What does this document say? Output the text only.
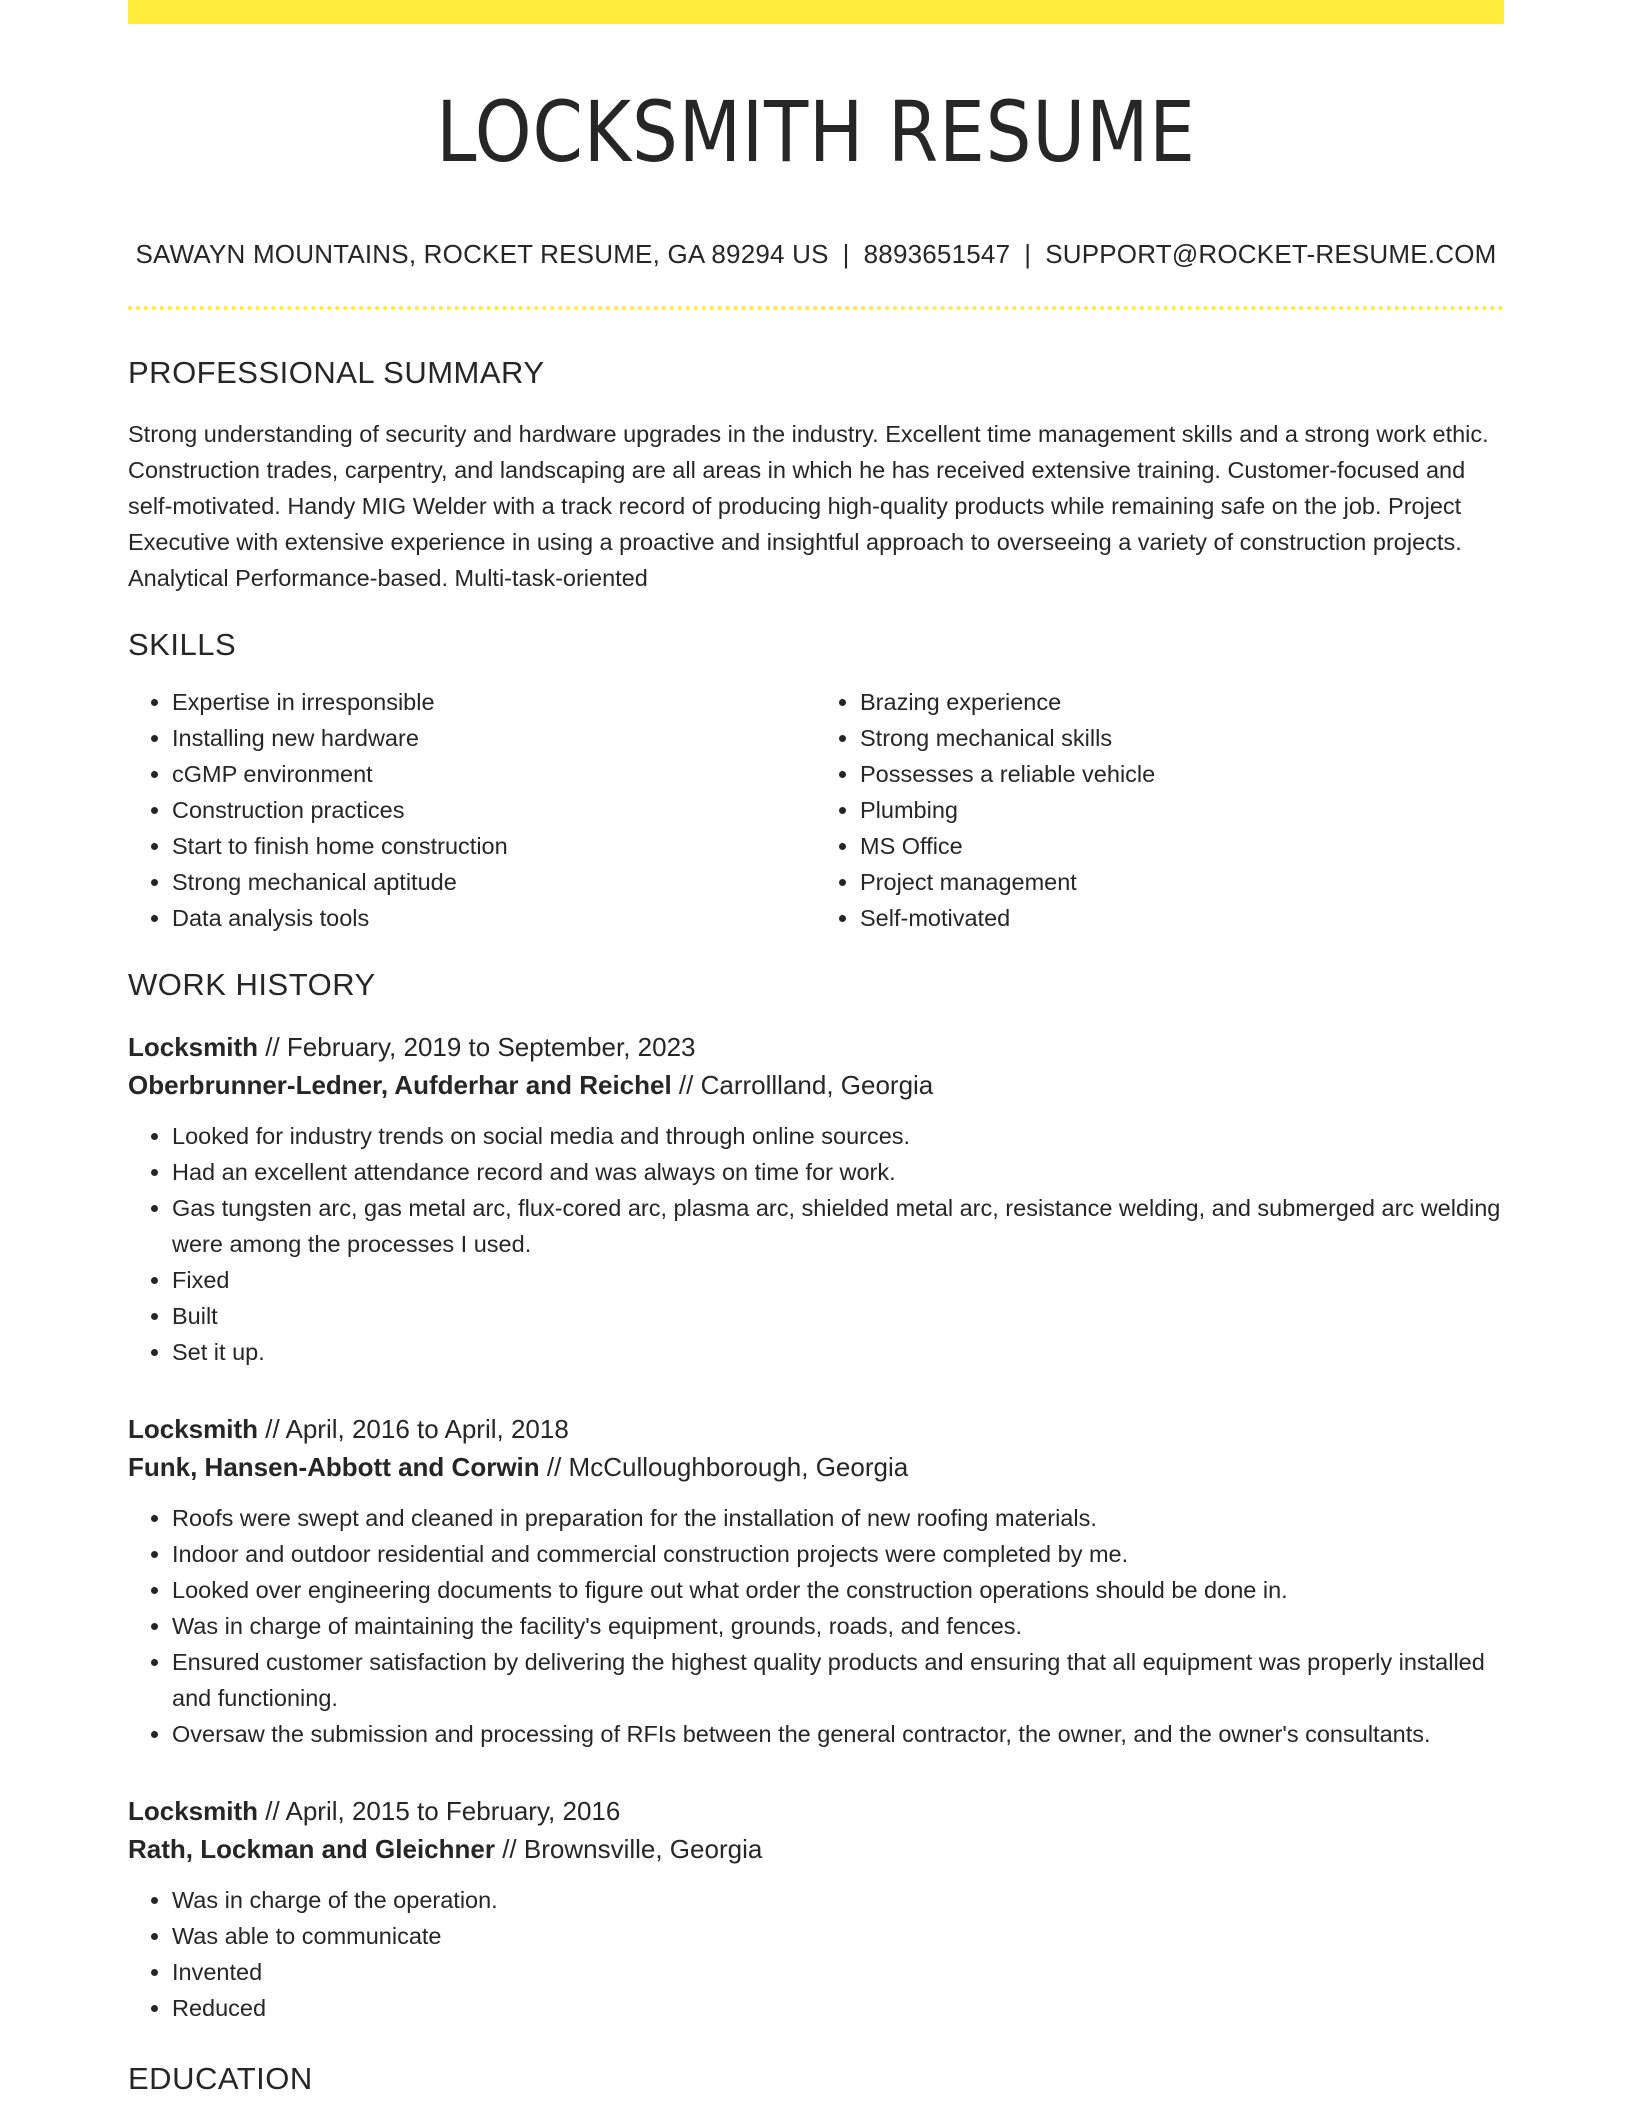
LOCKSMITH RESUME
SAWAYN MOUNTAINS, ROCKET RESUME, GA 89294 US | 8893651547 | SUPPORT@ROCKET-RESUME.COM
PROFESSIONAL SUMMARY

Strong understanding of security and hardware upgrades in the industry. Excellent time management skills and a strong work ethic. Construction trades, carpentry, and landscaping are all areas in which he has received extensive training. Customer-focused and self-motivated. Handy MIG Welder with a track record of producing high-quality products while remaining safe on the job. Project Executive with extensive experience in using a proactive and insightful approach to overseeing a variety of construction projects. Analytical Performance-based. Multi-task-oriented

SKILLS
• Expertise in irresponsible
• Installing new hardware
• cGMP environment
• Construction practices
• Start to finish home construction
• Strong mechanical aptitude
• Data analysis tools
• Brazing experience
• Strong mechanical skills
• Possesses a reliable vehicle
• Plumbing
• MS Office
• Project management
• Self-motivated
WORK HISTORY
Locksmith // February, 2019 to September, 2023
Oberbrunner-Ledner, Aufderhar and Reichel // Carrollland, Georgia
• Looked for industry trends on social media and through online sources.
• Had an excellent attendance record and was always on time for work.
• Gas tungsten arc, gas metal arc, flux-cored arc, plasma arc, shielded metal arc, resistance welding, and submerged arc welding were among the processes I used.
• Fixed
• Built
• Set it up.
Locksmith // April, 2016 to April, 2018
Funk, Hansen-Abbott and Corwin // McCulloughborough, Georgia
• Roofs were swept and cleaned in preparation for the installation of new roofing materials.
• Indoor and outdoor residential and commercial construction projects were completed by me.
• Looked over engineering documents to figure out what order the construction operations should be done in.
• Was in charge of maintaining the facility's equipment, grounds, roads, and fences.
• Ensured customer satisfaction by delivering the highest quality products and ensuring that all equipment was properly installed and functioning.
• Oversaw the submission and processing of RFIs between the general contractor, the owner, and the owner's consultants.
Locksmith // April, 2015 to February, 2016
Rath, Lockman and Gleichner // Brownsville, Georgia
• Was in charge of the operation.
• Was able to communicate
• Invented
• Reduced
EDUCATION
